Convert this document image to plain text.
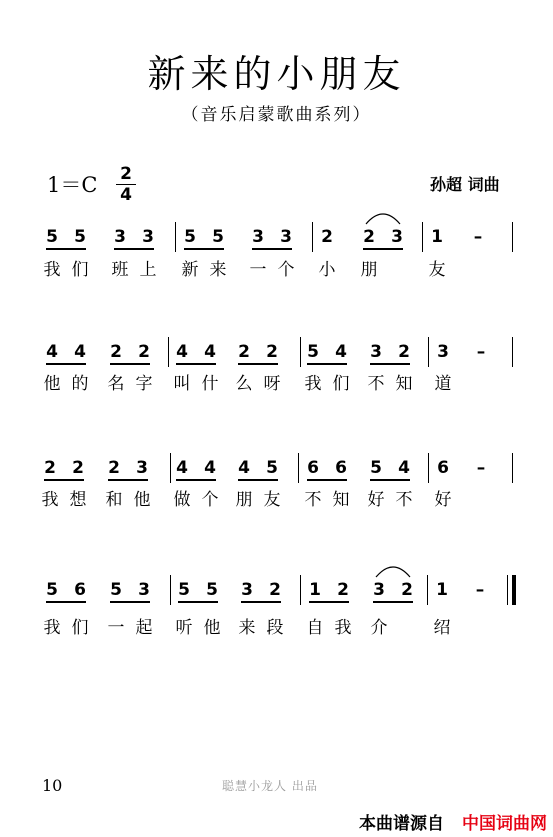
新来的小朋友
（音乐启蒙歌曲系列）
1＝C 2
4
孙超 词曲
5
我
5
们
3
班
3
上
5
新
5
来
3
一
3
个
2
小
2
朋
3 1
友
–
4
他
4
的
2
名
2
字
4
叫
4
什
2
么
2
呀
5
我
4
们
3
不
2
知
3
道
–
2
我
2
想
2
和
3
他
4
做
4
个
4
朋
5
友
6
不
6
知
5
好
4
不
6
好
–
5
我
6
们
5
一
3
起
5
听
5
他
3
来
2
段
1
自
2
我
3
介
2 1
绍
–
10	聪慧小龙人 出品
本曲谱源自 中国词曲网
